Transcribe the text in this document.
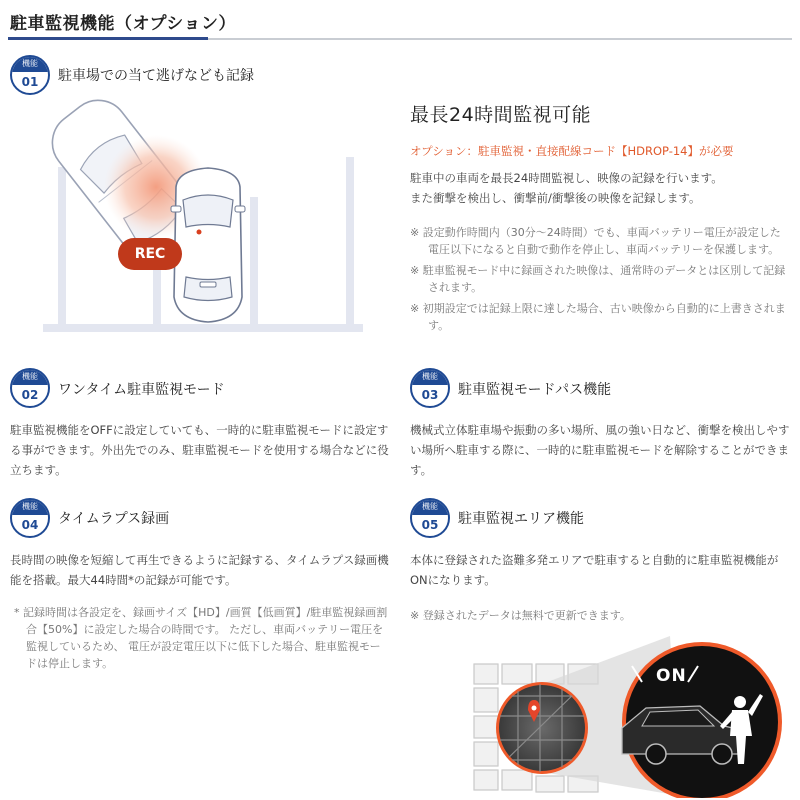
駐車監視機能（オプション）
機能
01	駐車場での当て逃げなども記録
REC
最長24時間監視可能
オプション：駐車監視・直接配線コード【HDROP-14】が必要
駐車中の車両を最長24時間監視し、映像の記録を行います。
また衝撃を検出し、衝撃前/衝撃後の映像を記録します。
※ 設定動作時間内（30分〜24時間）でも、車両バッテリー電圧が設定した電圧以下になると自動で動作を停止し、車両バッテリーを保護します。
※ 駐車監視モード中に録画された映像は、通常時のデータとは区別して記録されます。
※ 初期設定では記録上限に達した場合、古い映像から自動的に上書きされます。
機能
02	ワンタイム駐車監視モード
駐車監視機能をOFFに設定していても、一時的に駐車監視モードに設定する事ができます。外出先でのみ、駐車監視モードを使用する場合などに役立ちます。
機能
03	駐車監視モードパス機能
機械式立体駐車場や振動の多い場所、風の強い日など、衝撃を検出しやすい場所へ駐車する際に、一時的に駐車監視モードを解除することができます。
機能
04	タイムラプス録画
長時間の映像を短縮して再生できるように記録する、タイムラプス録画機能を搭載。最大44時間*の記録が可能です。
* 記録時間は各設定を、録画サイズ【HD】/画質【低画質】/駐車監視録画割合【50%】に設定した場合の時間です。 ただし、車両バッテリー電圧を監視しているため、 電圧が設定電圧以下に低下した場合、駐車監視モードは停止します。
機能
05	駐車監視エリア機能
本体に登録された盗難多発エリアで駐車すると自動的に駐車監視機能がONになります。
※ 登録されたデータは無料で更新できます。
ON
